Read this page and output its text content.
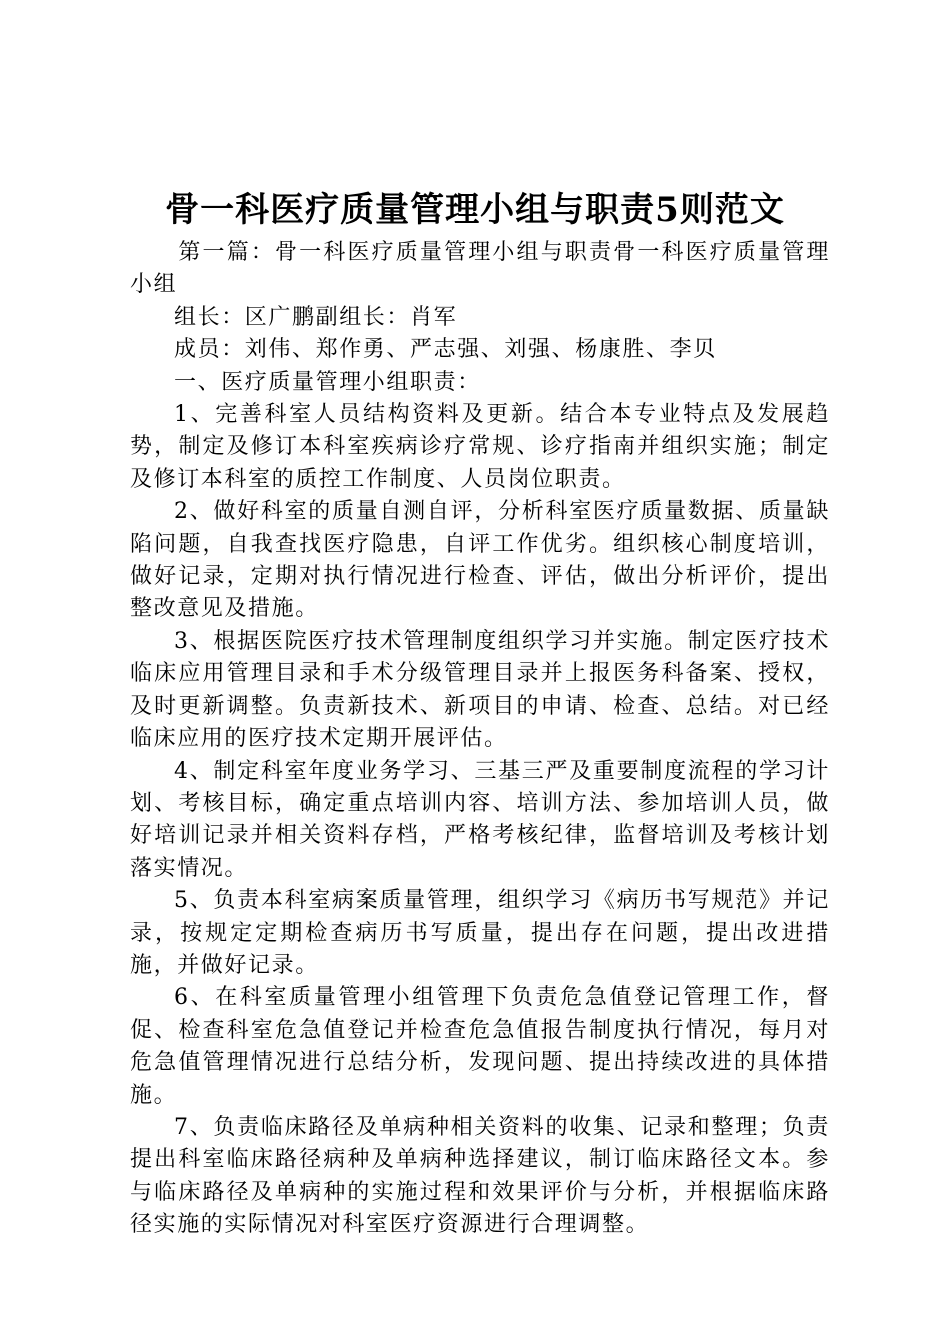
骨一科医疗质量管理小组与职责5则范文

第一篇：骨一科医疗质量管理小组与职责骨一科医疗质量管理小组

组长：区广鹏副组长：肖军

成员：刘伟、郑作勇、严志强、刘强、杨康胜、李贝

一、医疗质量管理小组职责：

1、完善科室人员结构资料及更新。结合本专业特点及发展趋势，制定及修订本科室疾病诊疗常规、诊疗指南并组织实施；制定及修订本科室的质控工作制度、人员岗位职责。

2、做好科室的质量自测自评，分析科室医疗质量数据、质量缺陷问题，自我查找医疗隐患，自评工作优劣。组织核心制度培训，做好记录，定期对执行情况进行检查、评估，做出分析评价，提出整改意见及措施。

3、根据医院医疗技术管理制度组织学习并实施。制定医疗技术临床应用管理目录和手术分级管理目录并上报医务科备案、授权，及时更新调整。负责新技术、新项目的申请、检查、总结。对已经临床应用的医疗技术定期开展评估。

4、制定科室年度业务学习、三基三严及重要制度流程的学习计划、考核目标，确定重点培训内容、培训方法、参加培训人员，做好培训记录并相关资料存档，严格考核纪律，监督培训及考核计划落实情况。

5、负责本科室病案质量管理，组织学习《病历书写规范》并记录，按规定定期检查病历书写质量，提出存在问题，提出改进措施，并做好记录。

6、在科室质量管理小组管理下负责危急值登记管理工作，督促、检查科室危急值登记并检查危急值报告制度执行情况，每月对危急值管理情况进行总结分析，发现问题、提出持续改进的具体措施。

7、负责临床路径及单病种相关资料的收集、记录和整理；负责提出科室临床路径病种及单病种选择建议，制订临床路径文本。参与临床路径及单病种的实施过程和效果评价与分析，并根据临床路径实施的实际情况对科室医疗资源进行合理调整。
